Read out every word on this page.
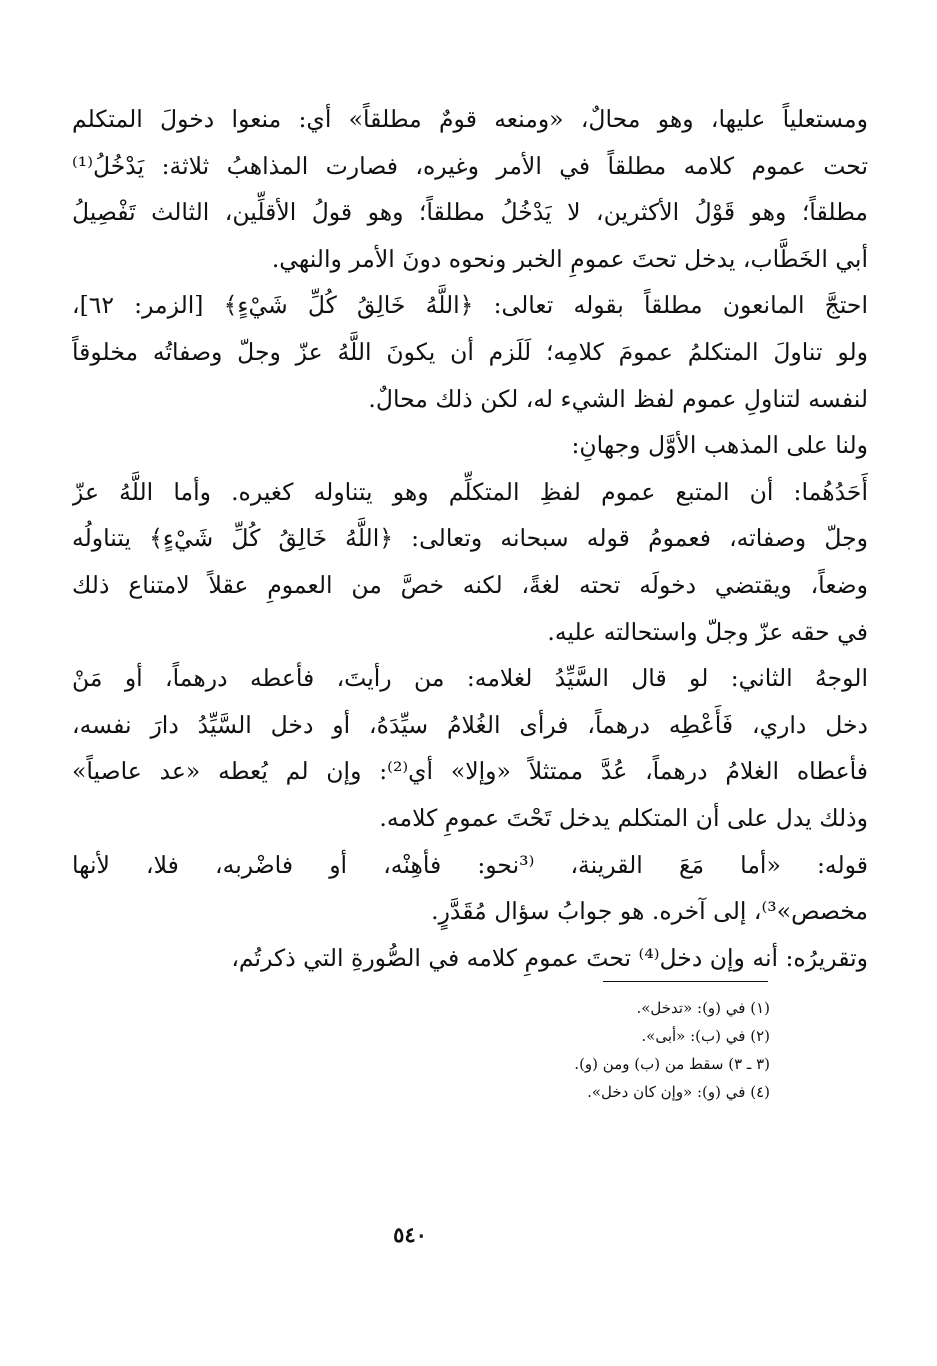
ومستعلياً عليها، وهو محالٌ، «ومنعه قومٌ مطلقاً» أي: منعوا دخولَ المتكلم
تحت عموم كلامه مطلقاً في الأمر وغيره، فصارت المذاهبُ ثلاثة: يَدْخُلُ⁽¹⁾
مطلقاً؛ وهو قَوْلُ الأكثرين، لا يَدْخُلُ مطلقاً؛ وهو قولُ الأقلِّين، الثالث تَفْصِيلُ
أبي الخَطَّاب، يدخل تحتَ عمومِ الخبر ونحوه دونَ الأمر والنهي.
احتجَّ المانعون مطلقاً بقوله تعالى: ﴿اللَّهُ خَالِقُ كُلِّ شَيْءٍ﴾ [الزمر: ٦٢]،
ولو تناولَ المتكلمُ عمومَ كلامِه؛ لَلَزم أن يكونَ اللَّهُ عزّ وجلّ وصفاتُه مخلوقاً
لنفسه لتناولِ عموم لفظ الشيء له، لكن ذلك محالٌ.
ولنا على المذهب الأوَّل وجهانِ:
أَحَدُهُما: أن المتبع عموم لفظِ المتكلِّم وهو يتناوله كغيره. وأما اللَّهُ عزّ
وجلّ وصفاته، فعمومُ قوله سبحانه وتعالى: ﴿اللَّهُ خَالِقُ كُلِّ شَيْءٍ﴾ يتناولُه
وضعاً، ويقتضي دخولَه تحته لغةً، لكنه خصَّ من العمومِ عقلاً لامتناع ذلك
في حقه عزّ وجلّ واستحالته عليه.
الوجهُ الثاني: لو قال السَّيِّدُ لغلامه: من رأيتَ، فأعطه درهماً، أو مَنْ
دخل داري، فَأَعْطِه درهماً، فرأى الغُلامُ سيِّدَهُ، أو دخل السَّيِّدُ دارَ نفسه،
فأعطاه الغلامُ درهماً، عُدَّ ممتثلاً «وإلا» أي⁽²⁾: وإن لم يُعطه «عد عاصياً»
وذلك يدل على أن المتكلم يدخل تَحْتَ عمومِ كلامه.
قوله: «أما مَعَ القرينة، ⁽³نحو: فأهِنْه، أو فاضْربه، فلا، لأنها
مخصص»³⁾، إلى آخره. هو جوابُ سؤال مُقَدَّرٍ.
وتقريرُه: أنه وإن دخل⁽⁴⁾ تحتَ عمومِ كلامه في الصُّورةِ التي ذكرتُم،
(١) في (و): «تدخل».
(٢) في (ب): «أبى».
(٣ ـ ٣) سقط من (ب) ومن (و).
(٤) في (و): «وإن كان دخل».
٥٤٠
